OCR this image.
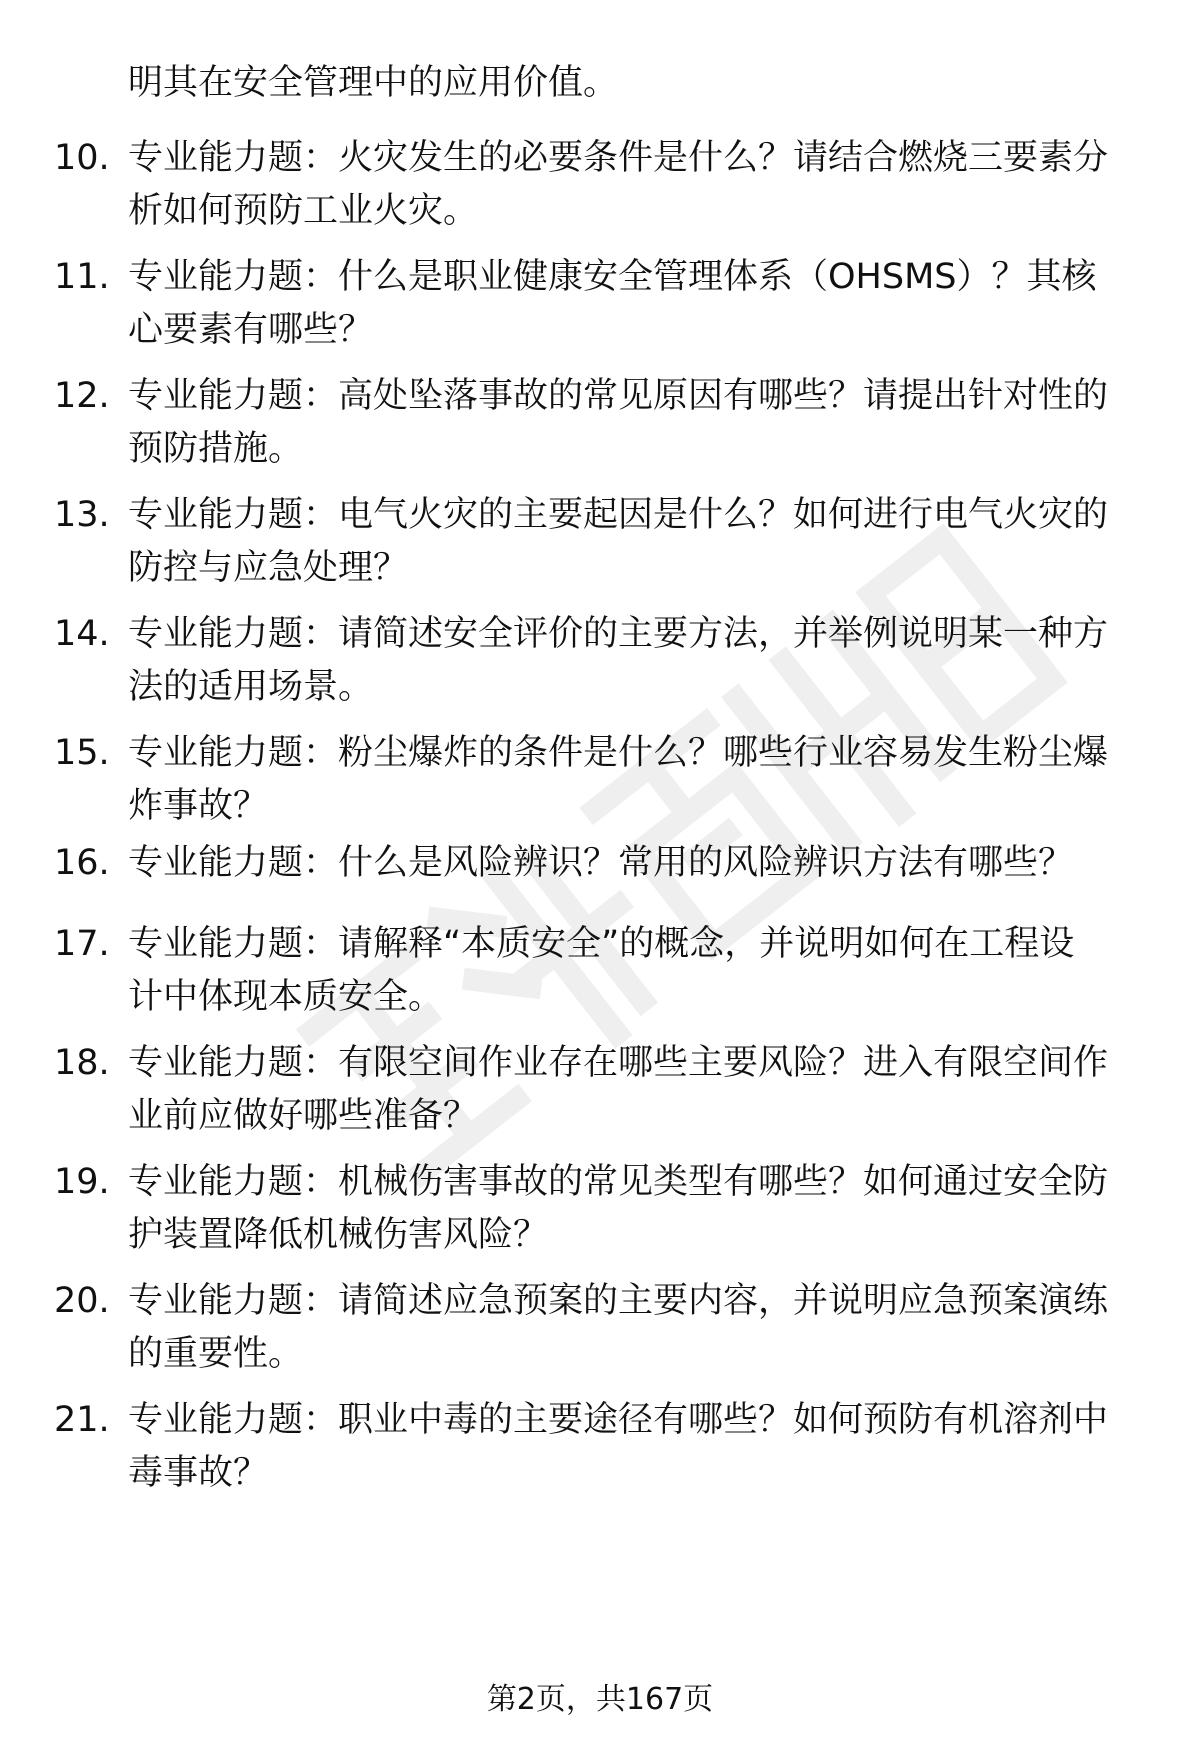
明其在安全管理中的应用价值。
10. 专业能力题：火灾发生的必要条件是什么？请结合燃烧三要素分
析如何预防工业火灾。
11. 专业能力题：什么是职业健康安全管理体系（OHSMS）？其核
心要素有哪些？
12. 专业能力题：高处坠落事故的常见原因有哪些？请提出针对性的
预防措施。
13. 专业能力题：电气火灾的主要起因是什么？如何进行电气火灾的
防控与应急处理？
14. 专业能力题：请简述安全评价的主要方法，并举例说明某一种方
法的适用场景。
15. 专业能力题：粉尘爆炸的条件是什么？哪些行业容易发生粉尘爆
炸事故？
16. 专业能力题：什么是风险辨识？常用的风险辨识方法有哪些？
17. 专业能力题：请解释“本质安全”的概念，并说明如何在工程设
计中体现本质安全。
18. 专业能力题：有限空间作业存在哪些主要风险？进入有限空间作
业前应做好哪些准备？
19. 专业能力题：机械伤害事故的常见类型有哪些？如何通过安全防
护装置降低机械伤害风险？
20. 专业能力题：请简述应急预案的主要内容，并说明应急预案演练
的重要性。
21. 专业能力题：职业中毒的主要途径有哪些？如何预防有机溶剂中
毒事故？
第2页，共167页
